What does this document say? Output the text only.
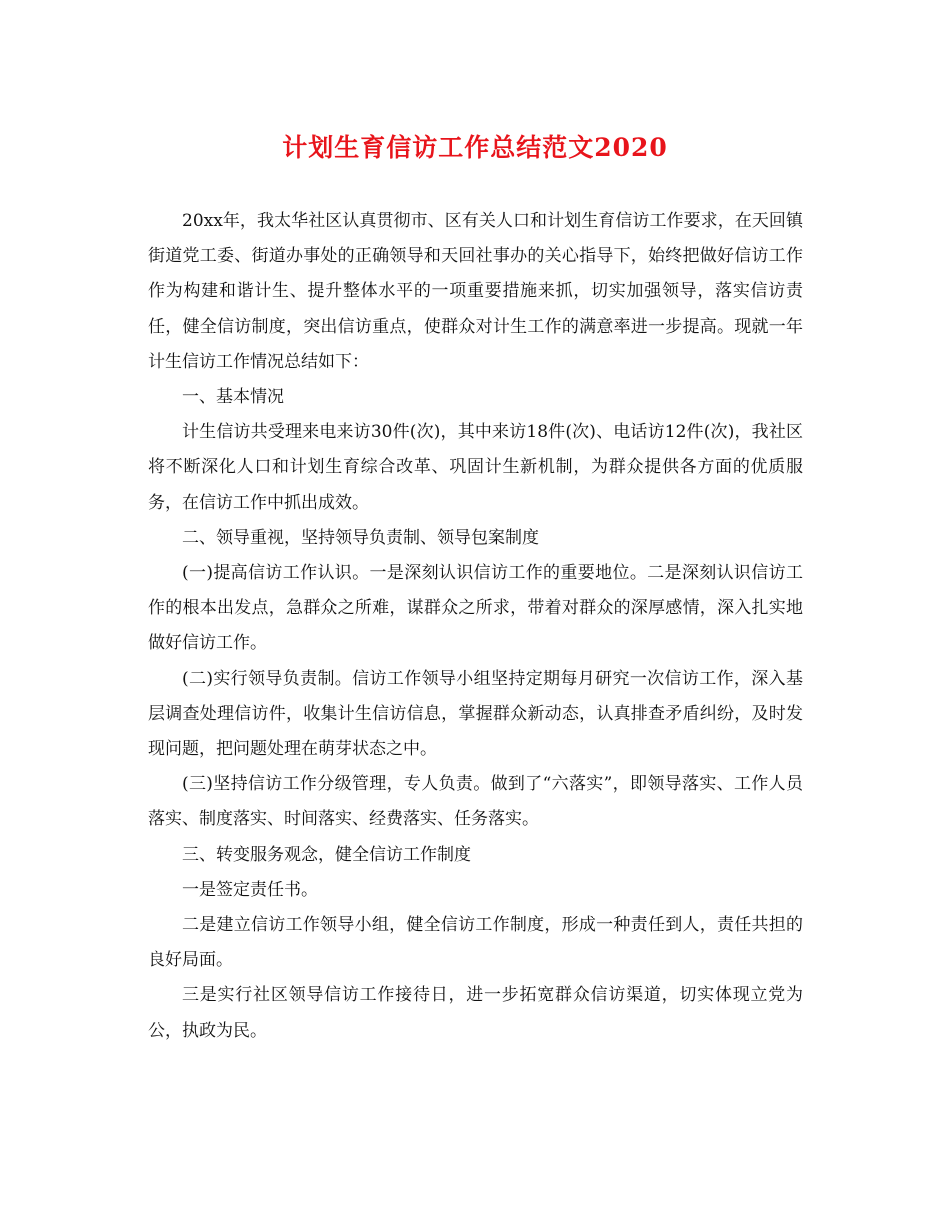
计划生育信访工作总结范文2020

20xx年，我太华社区认真贯彻市、区有关人口和计划生育信访工作要求，在天回镇街道党工委、街道办事处的正确领导和天回社事办的关心指导下，始终把做好信访工作作为构建和谐计生、提升整体水平的一项重要措施来抓，切实加强领导，落实信访责任，健全信访制度，突出信访重点，使群众对计生工作的满意率进一步提高。现就一年计生信访工作情况总结如下：

一、基本情况

计生信访共受理来电来访30件(次)，其中来访18件(次)、电话访12件(次)，我社区将不断深化人口和计划生育综合改革、巩固计生新机制，为群众提供各方面的优质服务，在信访工作中抓出成效。

二、领导重视，坚持领导负责制、领导包案制度

(一)提高信访工作认识。一是深刻认识信访工作的重要地位。二是深刻认识信访工作的根本出发点，急群众之所难，谋群众之所求，带着对群众的深厚感情，深入扎实地做好信访工作。

(二)实行领导负责制。信访工作领导小组坚持定期每月研究一次信访工作，深入基层调查处理信访件，收集计生信访信息，掌握群众新动态，认真排查矛盾纠纷，及时发现问题，把问题处理在萌芽状态之中。

(三)坚持信访工作分级管理，专人负责。做到了“六落实”，即领导落实、工作人员落实、制度落实、时间落实、经费落实、任务落实。

三、转变服务观念，健全信访工作制度

一是签定责任书。

二是建立信访工作领导小组，健全信访工作制度，形成一种责任到人，责任共担的良好局面。

三是实行社区领导信访工作接待日，进一步拓宽群众信访渠道，切实体现立党为公，执政为民。
